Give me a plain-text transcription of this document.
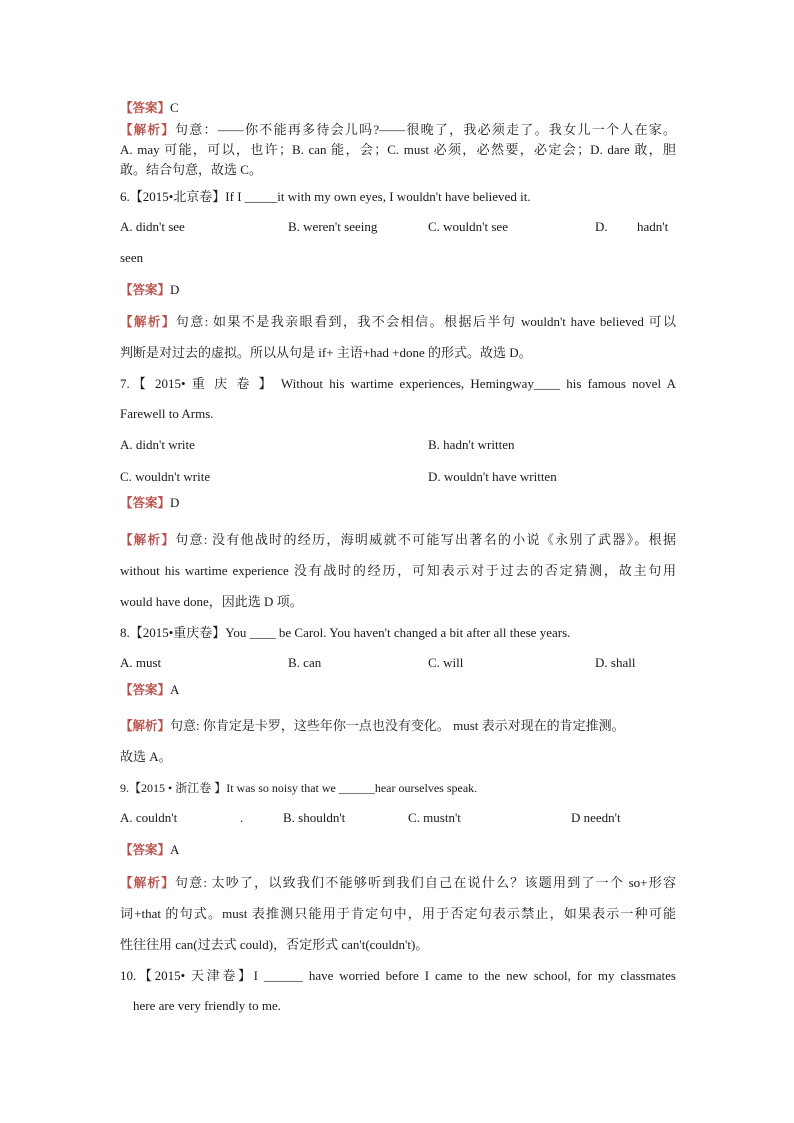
【答案】C
【解析】句意：——你不能再多待会儿吗?——很晚了，我必须走了。我女儿一个人在家。
A. may 可能，可以，也许；B. can 能，会；C. must 必须，必然要，必定会；D. dare 敢，胆
敢。结合句意，故选 C。
6.【2015•北京卷】If I _____it with my own eyes, I wouldn't have believed it.
A. didn't see	B. weren't seeing	C. wouldn't see	D. hadn't
seen
【答案】D
【解析】句意: 如果不是我亲眼看到，我不会相信。根据后半句 wouldn't have believed 可以
判断是对过去的虚拟。所以从句是 if+ 主语+had +done 的形式。故选 D。
7.【 2015• 重 庆 卷 】 Without his wartime experiences, Hemingway____ his famous novel A
Farewell to Arms.
A. didn't write	B. hadn't written
C. wouldn't write	D. wouldn't have written
【答案】D
【解析】句意: 没有他战时的经历，海明威就不可能写出著名的小说《永别了武器》。根据
without his wartime experience 没有战时的经历，可知表示对于过去的否定猜测，故主句用
would have done，因此选 D 项。
8.【2015•重庆卷】You ____ be Carol. You haven't changed a bit after all these years.
A. must	B. can	C. will	D. shall
【答案】A
【解析】句意: 你肯定是卡罗，这些年你一点也没有变化。 must 表示对现在的肯定推测。
故选 A。
9.【2015 • 浙江卷 】It was so noisy that we ______hear ourselves speak.
A. couldn't	.	B. shouldn't	C. mustn't	D needn't
【答案】A
【解析】句意: 太吵了，以致我们不能够听到我们自己在说什么？该题用到了一个 so+形容
词+that 的句式。must 表推测只能用于肯定句中，用于否定句表示禁止，如果表示一种可能
性往往用 can(过去式 could)，否定形式 can't(couldn't)。
10.【2015• 天津卷】I ______ have worried before I came to the new school, for my classmates
here are very friendly to me.
